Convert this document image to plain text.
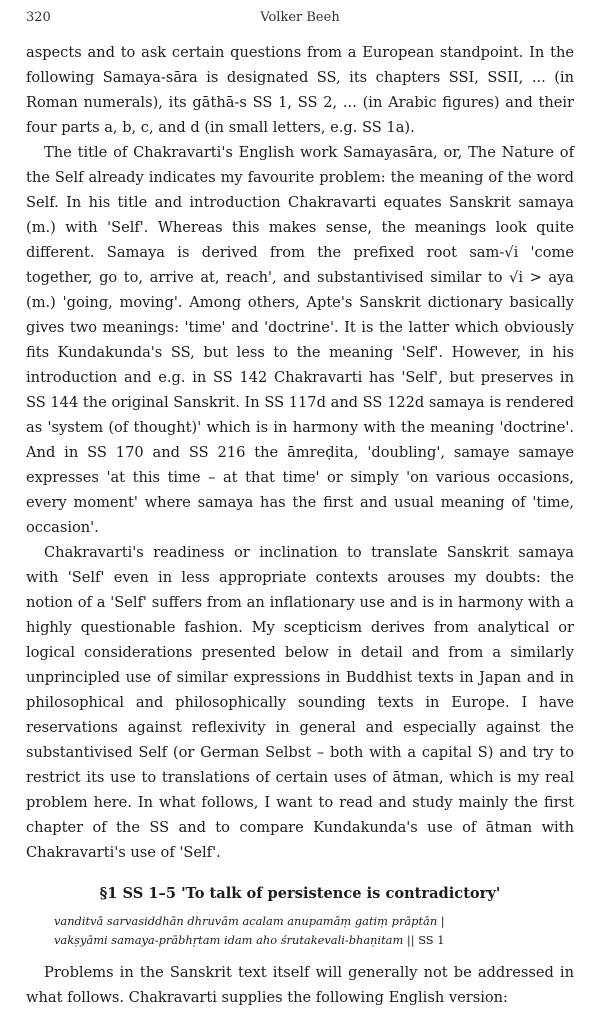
320	Volker Beeh

aspects and to ask certain questions from a European standpoint. In the following Samaya-sāra is designated SS, its chapters SSI, SSII, ... (in Roman numerals), its gāthā-s SS 1, SS 2, ... (in Arabic figures) and their four parts a, b, c, and d (in small letters, e.g. SS 1a).

The title of Chakravarti's English work Samayasāra, or, The Nature of the Self already indicates my favourite problem: the meaning of the word Self. In his title and introduction Chakravarti equates Sanskrit samaya (m.) with 'Self'. Whereas this makes sense, the meanings look quite different. Samaya is derived from the prefixed root sam-√i 'come together, go to, arrive at, reach', and substantivised similar to √i > aya (m.) 'going, moving'. Among others, Apte's Sanskrit dictionary basically gives two meanings: 'time' and 'doctrine'. It is the latter which obviously fits Kundakunda's SS, but less to the meaning 'Self'. However, in his introduction and e.g. in SS 142 Chakravarti has 'Self', but preserves in SS 144 the original Sanskrit. In SS 117d and SS 122d samaya is rendered as 'system (of thought)' which is in harmony with the meaning 'doctrine'. And in SS 170 and SS 216 the āmreḍita, 'doubling', samaye samaye expresses 'at this time – at that time' or simply 'on various occasions, every moment' where samaya has the first and usual meaning of 'time, occasion'.

Chakravarti's readiness or inclination to translate Sanskrit samaya with 'Self' even in less appropriate contexts arouses my doubts: the notion of a 'Self' suffers from an inflationary use and is in harmony with a highly questionable fashion. My scepticism derives from analytical or logical considerations presented below in detail and from a similarly unprincipled use of similar expressions in Buddhist texts in Japan and in philosophical and philosophically sounding texts in Europe. I have reservations against reflexivity in general and especially against the substantivised Self (or German Selbst – both with a capital S) and try to restrict its use to translations of certain uses of ātman, which is my real problem here. In what follows, I want to read and study mainly the first chapter of the SS and to compare Kundakunda's use of ātman with Chakravarti's use of 'Self'.

§1 SS 1–5 'To talk of persistence is contradictory'
vanditvā sarvasiddhān dhruvām acalam anupamāṃ gatiṃ prāptān |
vakṣyāmi samaya-prābhṛtam idam aho śrutakevali-bhaṇitam || SS 1

Problems in the Sanskrit text itself will generally not be addressed in what follows. Chakravarti supplies the following English version:
